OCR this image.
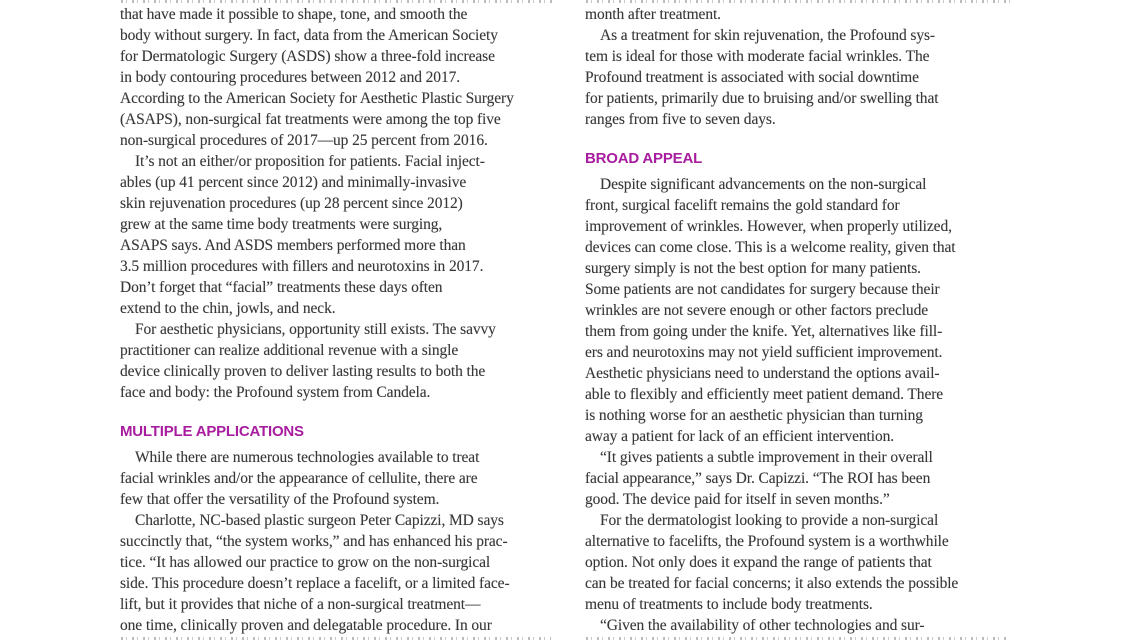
that have made it possible to shape, tone, and smooth the
body without surgery. In fact, data from the American Society
for Dermatologic Surgery (ASDS) show a three-fold increase
in body contouring procedures between 2012 and 2017.
According to the American Society for Aesthetic Plastic Surgery
(ASAPS), non-surgical fat treatments were among the top five
non-surgical procedures of 2017—up 25 percent from 2016.
It’s not an either/or proposition for patients. Facial inject-
ables (up 41 percent since 2012) and minimally-invasive
skin rejuvenation procedures (up 28 percent since 2012)
grew at the same time body treatments were surging,
ASAPS says. And ASDS members performed more than
3.5 million procedures with fillers and neurotoxins in 2017.
Don’t forget that “facial” treatments these days often
extend to the chin, jowls, and neck.
For aesthetic physicians, opportunity still exists. The savvy
practitioner can realize additional revenue with a single
device clinically proven to deliver lasting results to both the
face and body: the Profound system from Candela.
MULTIPLE APPLICATIONS
While there are numerous technologies available to treat
facial wrinkles and/or the appearance of cellulite, there are
few that offer the versatility of the Profound system.
Charlotte, NC-based plastic surgeon Peter Capizzi, MD says
succinctly that, “the system works,” and has enhanced his prac-
tice. “It has allowed our practice to grow on the non-surgical
side. This procedure doesn’t replace a facelift, or a limited face-
lift, but it provides that niche of a non-surgical treatment—
one time, clinically proven and delegatable procedure. In our
month after treatment.
As a treatment for skin rejuvenation, the Profound sys-
tem is ideal for those with moderate facial wrinkles. The
Profound treatment is associated with social downtime
for patients, primarily due to bruising and/or swelling that
ranges from five to seven days.
BROAD APPEAL
Despite significant advancements on the non-surgical
front, surgical facelift remains the gold standard for
improvement of wrinkles. However, when properly utilized,
devices can come close. This is a welcome reality, given that
surgery simply is not the best option for many patients.
Some patients are not candidates for surgery because their
wrinkles are not severe enough or other factors preclude
them from going under the knife. Yet, alternatives like fill-
ers and neurotoxins may not yield sufficient improvement.
Aesthetic physicians need to understand the options avail-
able to flexibly and efficiently meet patient demand. There
is nothing worse for an aesthetic physician than turning
away a patient for lack of an efficient intervention.
“It gives patients a subtle improvement in their overall
facial appearance,” says Dr. Capizzi. “The ROI has been
good. The device paid for itself in seven months.”
For the dermatologist looking to provide a non-surgical
alternative to facelifts, the Profound system is a worthwhile
option. Not only does it expand the range of patients that
can be treated for facial concerns; it also extends the possible
menu of treatments to include body treatments.
“Given the availability of other technologies and sur-
